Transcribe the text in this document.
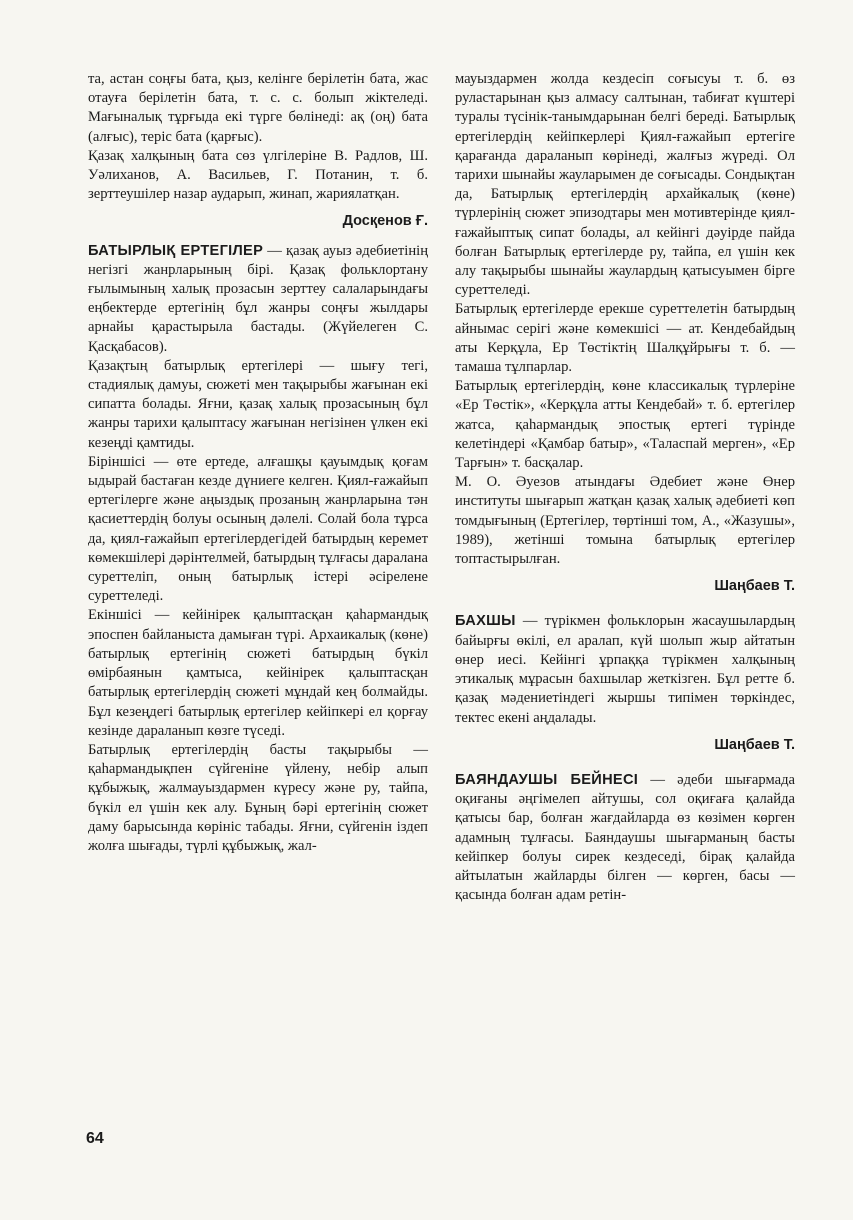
та, астан соңғы бата, қыз, келінге берілетін бата, жас отауға берілетін бата, т. с. с. болып жіктеледі. Мағыналық тұрғыда екі түрге бөлінеді: ақ (оң) бата (алғыс), теріс бата (қарғыс).

Қазақ халқының бата сөз үлгілеріне В. Радлов, Ш. Уәлиханов, А. Васильев, Г. Потанин, т. б. зерттеушілер назар аударып, жинап, жариялатқан.

Досқенов Ғ.

БАТЫРЛЫҚ ЕРТЕГІЛЕР — қазақ ауыз әдебиетінің негізгі жанрларының бірі. Қазақ фольклортану ғылымының халық прозасын зерттеу салаларындағы еңбектерде ертегінің бұл жанры соңғы жылдары арнайы қарастырыла бастады. (Жүйелеген С. Қасқабасов).

Қазақтың батырлық ертегілері — шығу тегі, стадиялық дамуы, сюжеті мен тақырыбы жағынан екі сипатта болады. Яғни, қазақ халық прозасының бұл жанры тарихи қалыптасу жағынан негізінен үлкен екі кезеңді қамтиды.

Біріншісі — өте ертеде, алғашқы қауымдық қоғам ыдырай бастаған кезде дүниеге келген. Қиял-ғажайып ертегілерге және аңыздық прозаның жанрларына тән қасиеттердің болуы осының дәлелі. Солай бола тұрса да, қиял-ғажайып ертегілердегідей батырдың керемет көмекшілері дәрінтелмей, батырдың тұлғасы дараланa суреттеліп, оның батырлық істері әсірелене суреттеледі.

Екіншісі — кейінірек қалыптасқан қаһармандық эпоспен байланыста дамыған түрі. Архаикалық (көне) батырлық ертегінің сюжеті батырдың бүкіл өмірбаянын қамтыса, кейінірек қалыптасқан батырлық ертегілердің сюжеті мұндай кең болмайды. Бұл кезеңдегі батырлық ертегілер кейіпкері ел қорғау кезінде дараланып көзге түседі.

Батырлық ертегілердің басты тақырыбы — қаһармандықпен сүйгеніне үйлену, небір алып құбыжық, жалмауыздармен күресу және ру, тайпа, бүкіл ел үшін кек алу. Бұның бәрі ертегінің сюжет даму барысында көрініс табады. Яғни, сүйгенін іздеп жолға шығады, түрлі құбыжық, жал-

мауыздармен жолда кездесіп соғысуы т. б. өз руластарынан қыз алмасу салтынан, табиғат күштері туралы түсінік-танымдарынан белгі береді. Батырлық ертегілердің кейіпкерлері Қиял-ғажайып ертегіге қарағанда дараланып көрінеді, жалғыз жүреді. Ол тарихи шынайы жауларымен де соғысады. Сондықтан да, Батырлық ертегілердің архайкалық (көне) түрлерінің сюжет эпизодтары мен мотивтерінде қиял-ғажайыптық сипат болады, ал кейінгі дәуірде пайда болған Батырлық ертегілерде ру, тайпа, ел үшін кек алу тақырыбы шынайы жаулардың қатысуымен бірге суреттеледі.

Батырлық ертегілерде ерекше суреттелетін батырдың айнымас серігі және көмекшісі — ат. Кендебайдың аты Керқұла, Ер Төстіктің Шалқұйрығы т. б. — тамаша тұлпарлар.

Батырлық ертегілердің, көне классикалық түрлеріне «Ер Төстік», «Керқұла атты Кендебай» т. б. ертегілер жатса, қаһармандық эпостық ертегі түрінде келетіндері «Қамбар батыр», «Таласпай мерген», «Ер Тарғын» т. басқалар.

М. О. Әуезов атындағы Әдебиет және Өнер институты шығарып жатқан қазақ халық әдебиеті көп томдығының (Ертегілер, төртінші том, А., «Жазушы», 1989), жетінші томына батырлық ертегілер топтастырылған.

Шаңбаев Т.

БАХШЫ — түрікмен фольклорын жасаушылардың байырғы өкілі, ел аралап, күй шолып жыр айтатын өнер иесі. Кейінгі ұрпаққа түрікмен халқының этикалық мұрасын бахшылар жеткізген. Бұл ретте б. қазақ мәдениетіндегі жыршы типімен төркіндес, тектес екені аңдалады.

Шаңбаев Т.

БАЯНДАУШЫ БЕЙНЕСІ — әдеби шығармада оқиғаны әңгімелеп айтушы, сол оқиғаға қалайда қатысы бар, болған жағдайларда өз көзімен көрген адамның тұлғасы. Баяндаушы шығарманың басты кейіпкер болуы сирек кездеседі, бірақ қалайда айтылатын жайларды білген — көрген, басы — қасында болған адам ретін-

64
